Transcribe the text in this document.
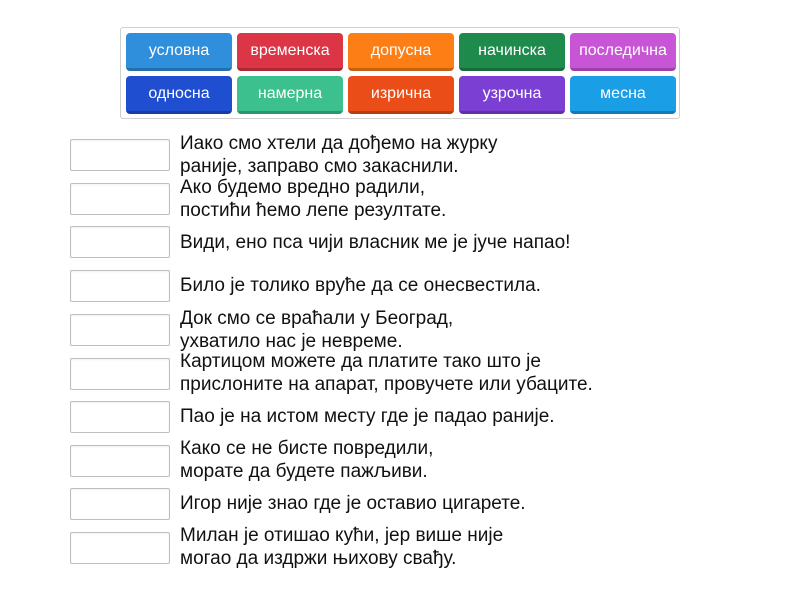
условна	временска	допусна	начинска	последична
односна	намерна	изрична	узрочна	месна
Иако смо хтели да дођемо на журку
раније, заправо смо закаснили.
Ако будемо вредно радили,
постићи ћемо лепе резултате.
Види, ено пса чији власник ме је јуче напао!
Било је толико вруће да се онесвестила.
Док смо се враћали у Београд,
ухватило нас је невреме.
Картицом можете да платите тако што је
прислоните на апарат, провучете или убаците.
Пао је на истом месту где је падао раније.
Како се не бисте повредили,
морате да будете пажљиви.
Игор није знао где је оставио цигарете.
Милан је отишао кући, јер више није
могао да издржи њихову свађу.
